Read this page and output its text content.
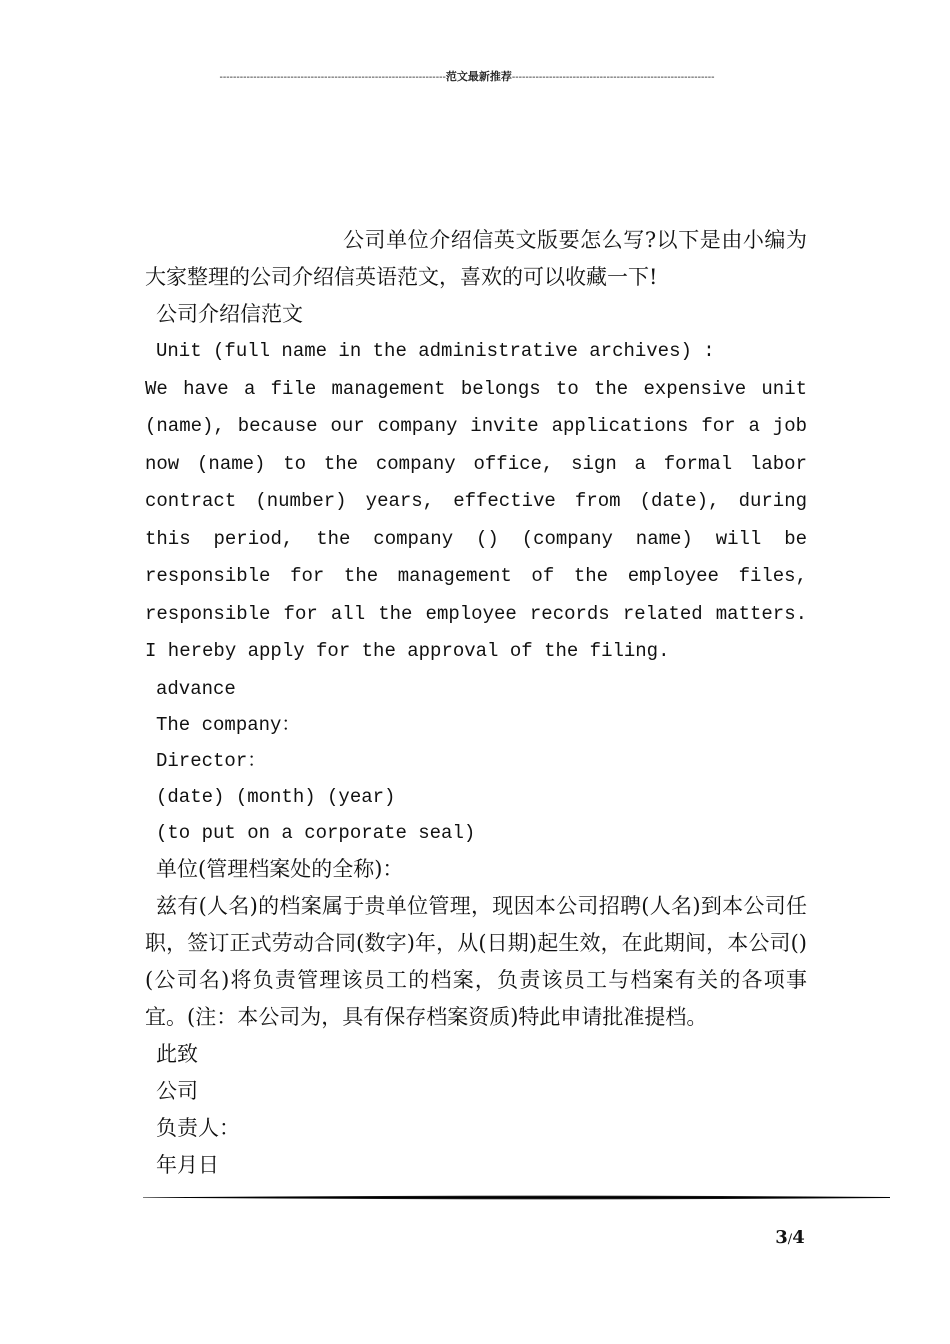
-------------------------------------------------------------------范文最新推荐------------------------------------------------------------

公司单位介绍信英文版要怎么写?以下是由小编为大家整理的公司介绍信英语范文，喜欢的可以收藏一下!

公司介绍信范文

Unit (full name in the administrative archives) :

We have a file management belongs to the expensive unit (name), because our company invite applications for a job now (name) to the company office, sign a formal labor contract (number) years, effective from (date), during this period, the company () (company name) will be responsible for the management of the employee files, responsible for all the employee records related matters. I hereby apply for the approval of the filing.

advance

The company：

Director：

(date) (month) (year)

(to put on a corporate seal)

单位(管理档案处的全称)：

兹有(人名)的档案属于贵单位管理，现因本公司招聘(人名)到本公司任职，签订正式劳动合同(数字)年，从(日期)起生效，在此期间，本公司()(公司名)将负责管理该员工的档案，负责该员工与档案有关的各项事宜。(注：本公司为，具有保存档案资质)特此申请批准提档。

此致

公司

负责人：

年月日

3/4
